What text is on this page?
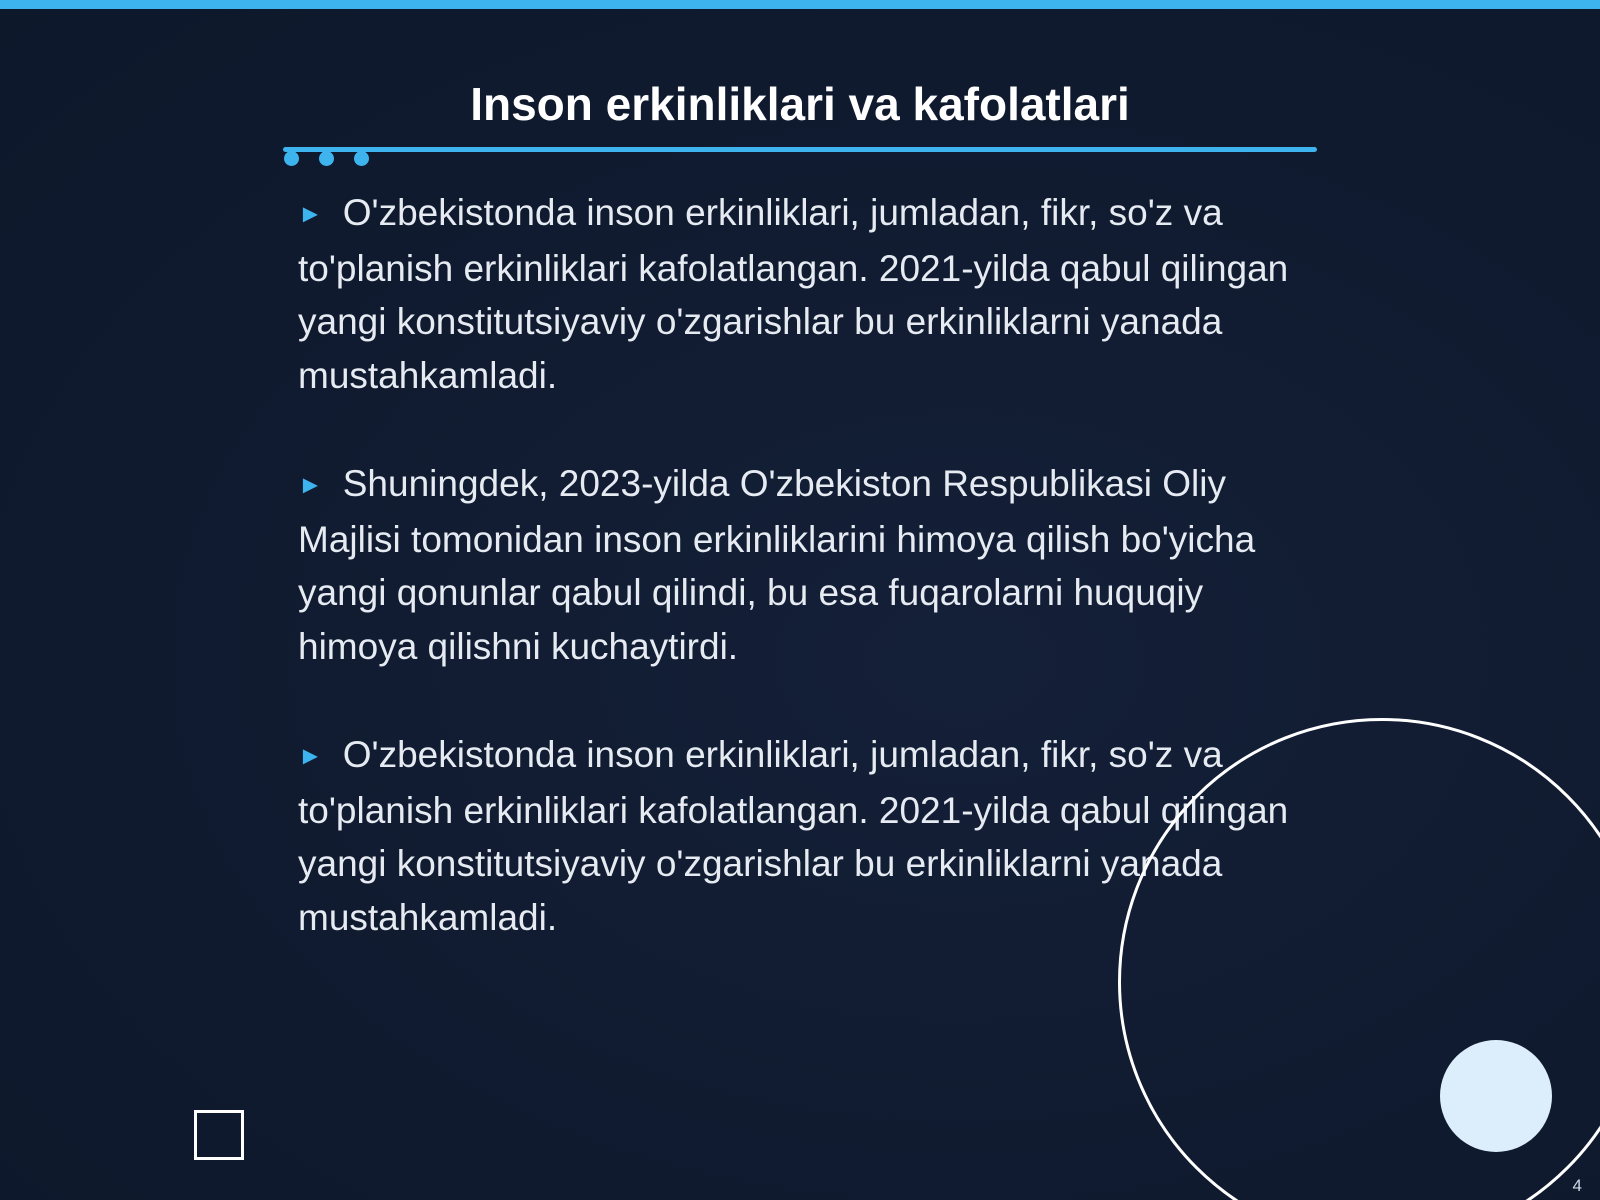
Inson erkinliklari va kafolatlari

► O'zbekistonda inson erkinliklari, jumladan, fikr, so'z va to'planish erkinliklari kafolatlangan. 2021-yilda qabul qilingan yangi konstitutsiyaviy o'zgarishlar bu erkinliklarni yanada mustahkamladi.

► Shuningdek, 2023-yilda O'zbekiston Respublikasi Oliy Majlisi tomonidan inson erkinliklarini himoya qilish bo'yicha yangi qonunlar qabul qilindi, bu esa fuqarolarni huquqiy himoya qilishni kuchaytirdi.

► O'zbekistonda inson erkinliklari, jumladan, fikr, so'z va to'planish erkinliklari kafolatlangan. 2021-yilda qabul qilingan yangi konstitutsiyaviy o'zgarishlar bu erkinliklarni yanada mustahkamladi.

4
